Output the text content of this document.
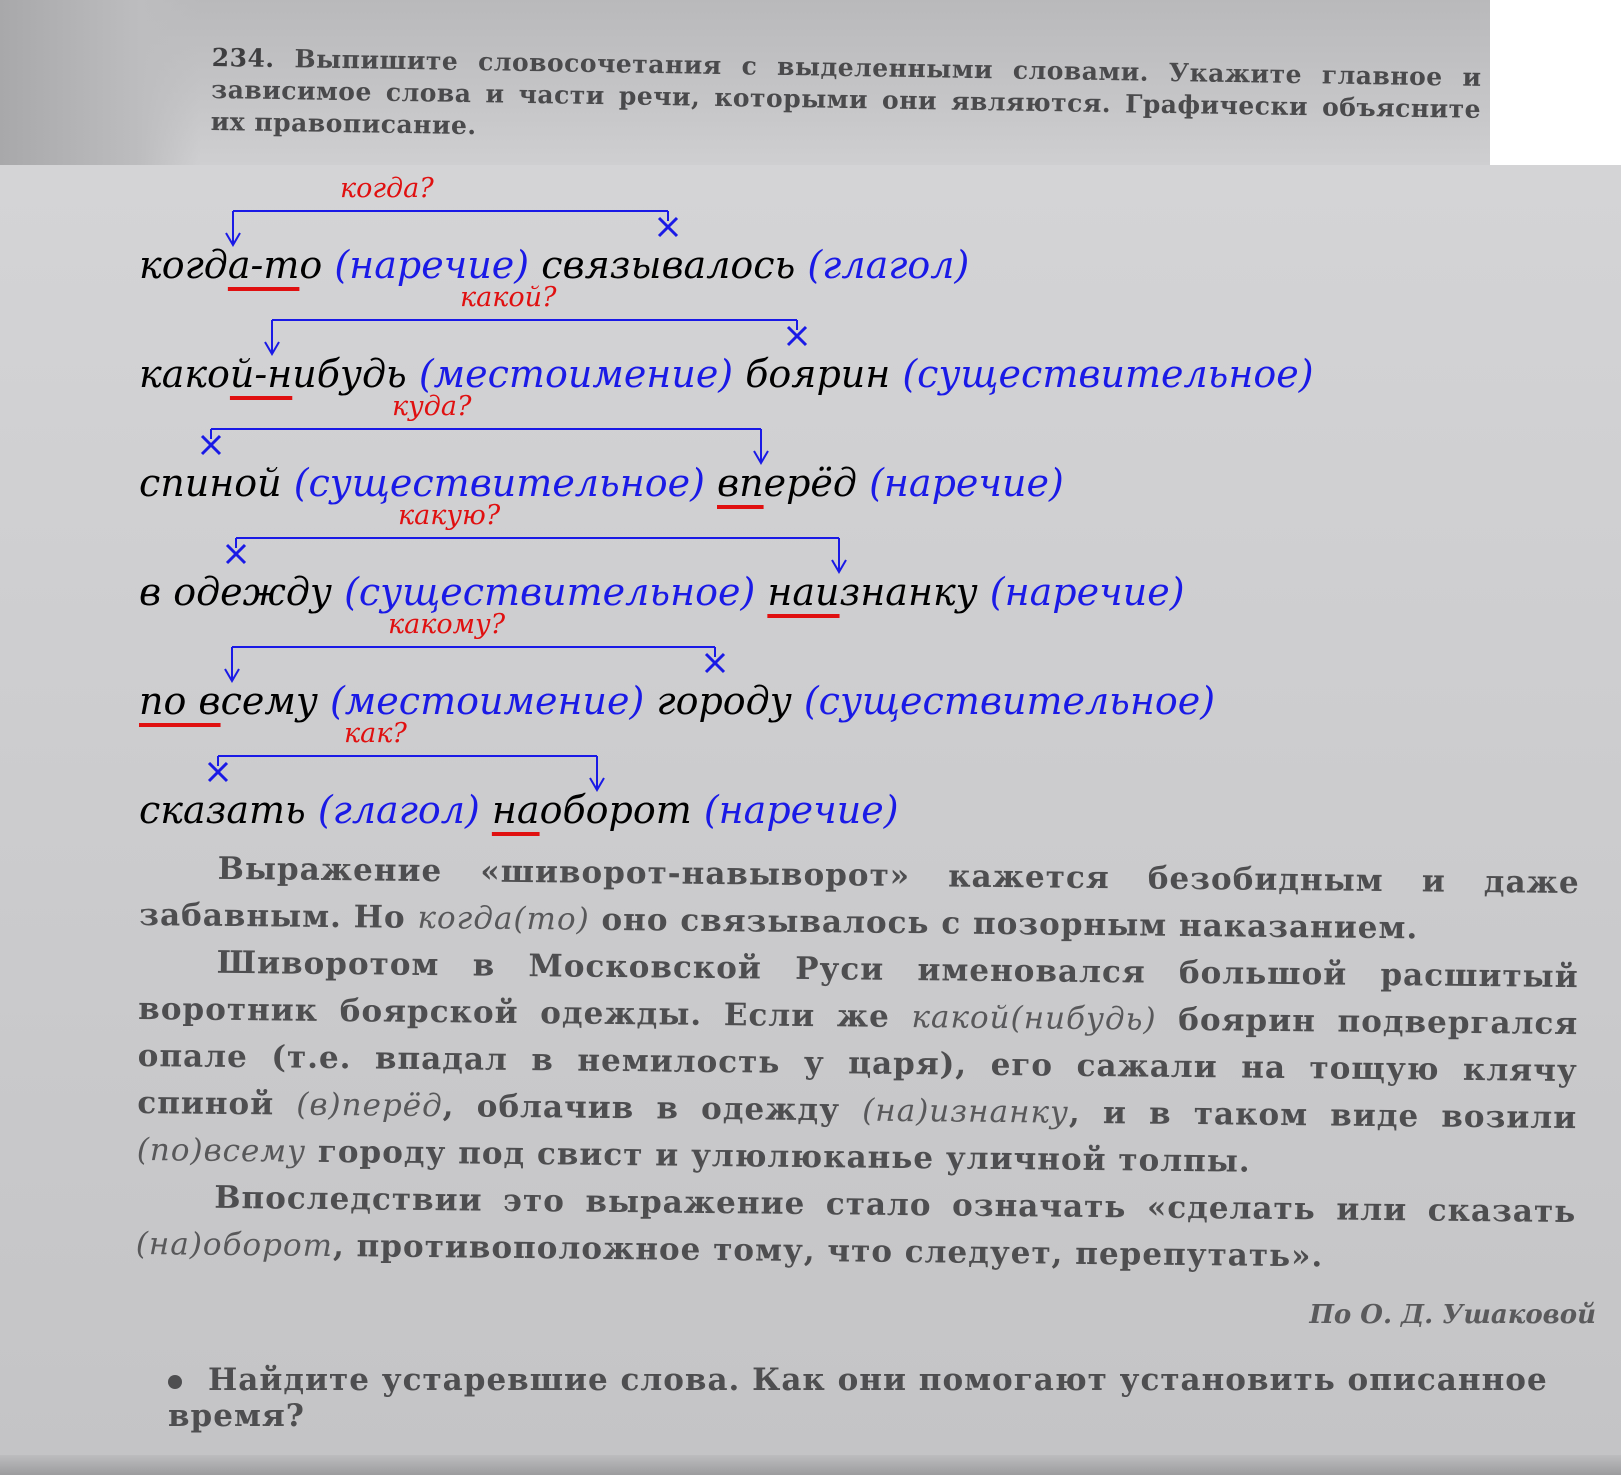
234. Выпишите словосочетания с выделенными словами. Укажите главное и зависимое слова и части речи, которыми они являются. Графически объясните их правописание.
когда?
когда-то (наречие) связывалось (глагол)
какой?
какой-нибудь (местоимение) боярин (существительное)
куда?
спиной (существительное) вперёд (наречие)
какую?
в одежду (существительное) наизнанку (наречие)
какому?
по всему (местоимение) городу (существительное)
как?
сказать (глагол) наоборот (наречие)

Выражение «шиворот-навыворот» кажется безобидным и даже забавным. Но когда(то) оно связывалось с позорным наказанием.

Шиворотом в Московской Руси именовался большой расшитый воротник боярской одежды. Если же какой(нибудь) боярин подвергался опале (т.е. впадал в немилость у царя), его сажали на тощую клячу спиной (в)перёд, облачив в одежду (на)изнанку, и в таком виде возили (по)всему городу под свист и улюлюканье уличной толпы.

Впоследствии это выражение стало означать «сделать или сказать (на)оборот, противоположное тому, что следует, перепутать».

По О. Д. Ушаковой
Найдите устаревшие слова. Как они помогают установить описанное время?
